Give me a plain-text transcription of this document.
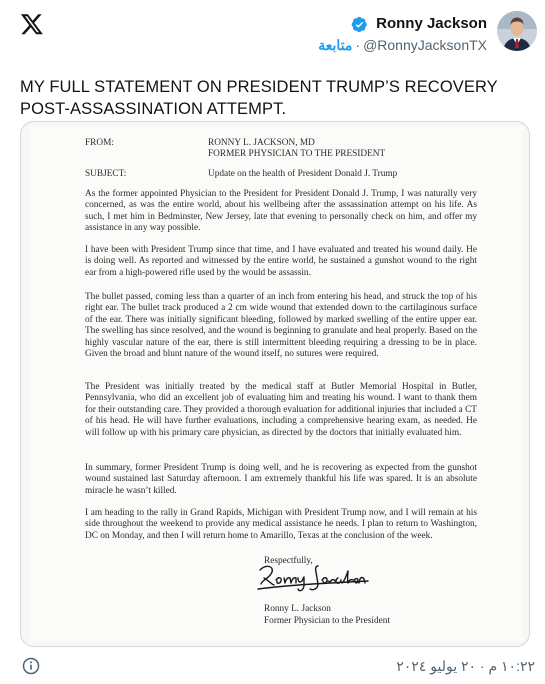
Ronny Jackson
متابعة · @RonnyJacksonTX
MY FULL STATEMENT ON PRESIDENT TRUMP’S RECOVERY POST-ASSASSINATION ATTEMPT.
FROM:	RONNY L. JACKSON, MD
FORMER PHYSICIAN TO THE PRESIDENT
SUBJECT:	Update on the health of President Donald J. Trump

As the former appointed Physician to the President for President Donald J. Trump, I was naturally very concerned, as was the entire world, about his wellbeing after the assassination attempt on his life. As such, I met him in Bedminster, New Jersey, late that evening to personally check on him, and offer my assistance in any way possible.

I have been with President Trump since that time, and I have evaluated and treated his wound daily. He is doing well. As reported and witnessed by the entire world, he sustained a gunshot wound to the right ear from a high-powered rifle used by the would be assassin.

The bullet passed, coming less than a quarter of an inch from entering his head, and struck the top of his right ear. The bullet track produced a 2 cm wide wound that extended down to the cartilaginous surface of the ear. There was initially significant bleeding, followed by marked swelling of the entire upper ear. The swelling has since resolved, and the wound is beginning to granulate and heal properly. Based on the highly vascular nature of the ear, there is still intermittent bleeding requiring a dressing to be in place. Given the broad and blunt nature of the wound itself, no sutures were required.

The President was initially treated by the medical staff at Butler Memorial Hospital in Butler, Pennsylvania, who did an excellent job of evaluating him and treating his wound. I want to thank them for their outstanding care. They provided a thorough evaluation for additional injuries that included a CT of his head. He will have further evaluations, including a comprehensive hearing exam, as needed. He will follow up with his primary care physician, as directed by the doctors that initially evaluated him.

In summary, former President Trump is doing well, and he is recovering as expected from the gunshot wound sustained last Saturday afternoon. I am extremely thankful his life was spared. It is an absolute miracle he wasn’t killed.

I am heading to the rally in Grand Rapids, Michigan with President Trump now, and I will remain at his side throughout the weekend to provide any medical assistance he needs. I plan to return to Washington, DC on Monday, and then I will return home to Amarillo, Texas at the conclusion of the week.

Respectfully,
Ronny L. Jackson
Former Physician to the President
١٠:٢٢ م · ٢٠ يوليو ٢٠٢٤
